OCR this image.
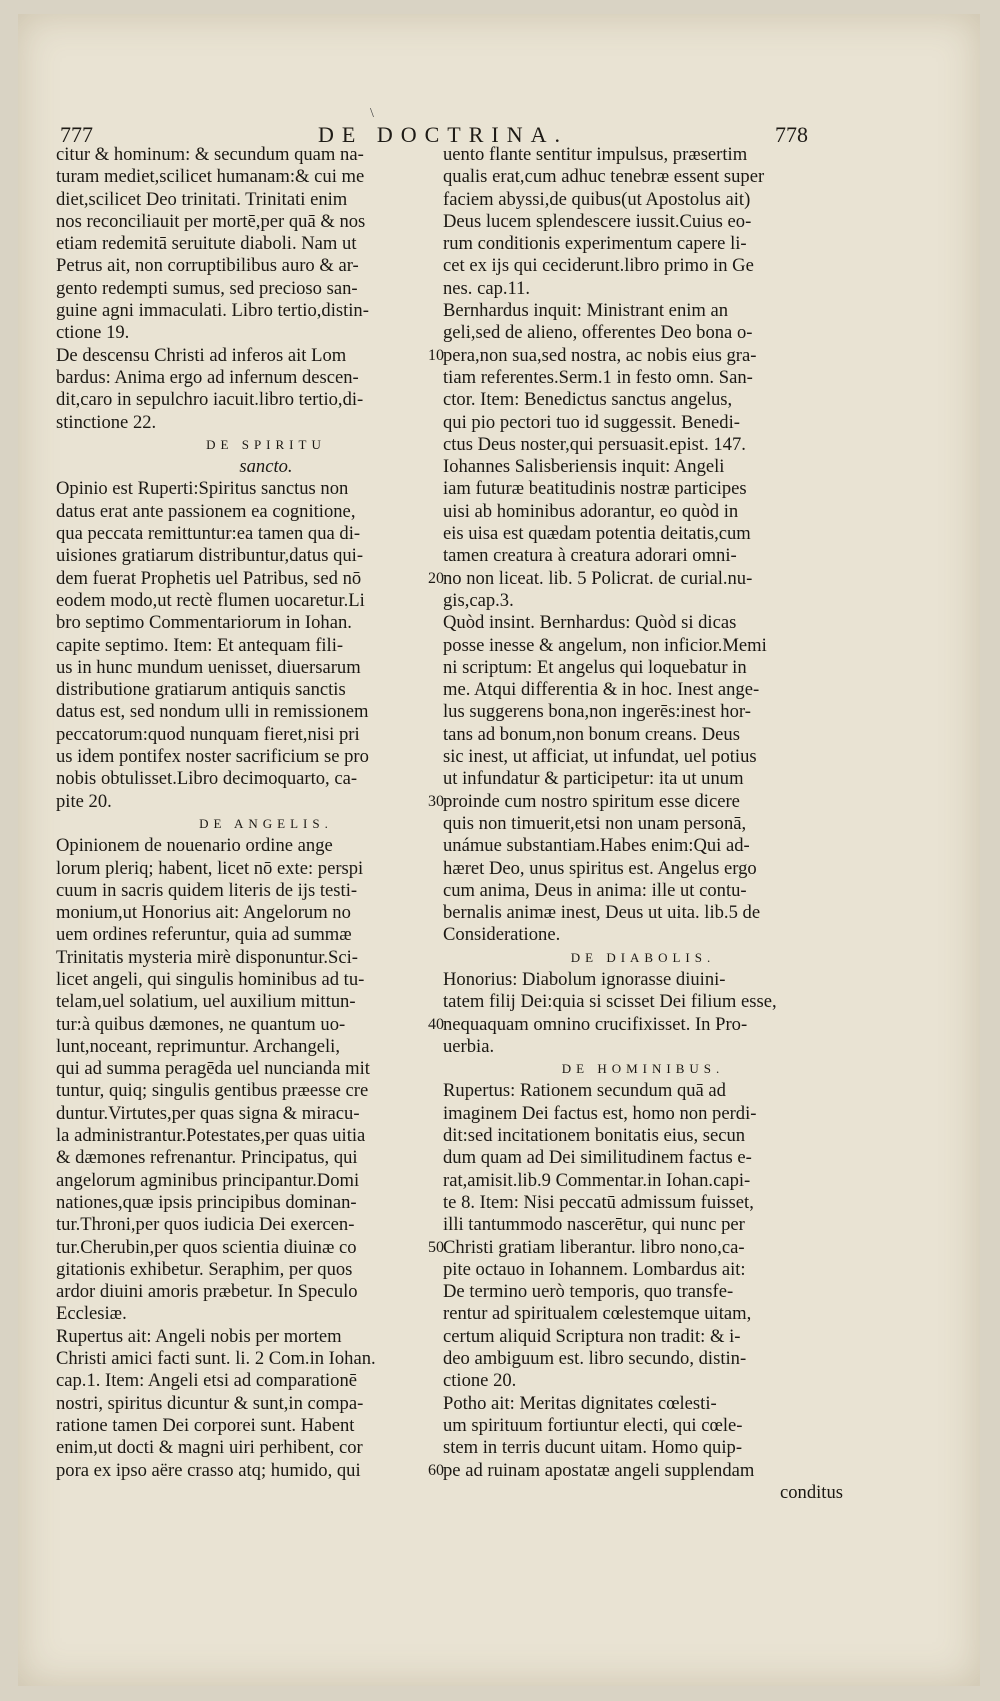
\
777	DE DOCTRINA.	778

citur & hominum: & secundum quam na-

turam mediet,scilicet humanam:& cui me

diet,scilicet Deo trinitati. Trinitati enim

nos reconciliauit per mortē,per quā & nos

etiam redemitā seruitute diaboli. Nam ut

Petrus ait, non corruptibilibus auro & ar-

gento redempti sumus, sed precioso san-

guine agni immaculati. Libro tertio,distin-

ctione 19.

De descensu Christi ad inferos ait Lom

bardus: Anima ergo ad infernum descen-

dit,caro in sepulchro iacuit.libro tertio,di-

stinctione 22.

DE SPIRITU

sancto.

Opinio est Ruperti:Spiritus sanctus non

datus erat ante passionem ea cognitione,

qua peccata remittuntur:ea tamen qua di-

uisiones gratiarum distribuntur,datus qui-

dem fuerat Prophetis uel Patribus, sed nō

eodem modo,ut rectè flumen uocaretur.Li

bro septimo Commentariorum in Iohan.

capite septimo. Item: Et antequam fili-

us in hunc mundum uenisset, diuersarum

distributione gratiarum antiquis sanctis

datus est, sed nondum ulli in remissionem

peccatorum:quod nunquam fieret,nisi pri

us idem pontifex noster sacrificium se pro

nobis obtulisset.Libro decimoquarto, ca-

pite 20.

DE ANGELIS.

Opinionem de nouenario ordine ange

lorum pleriq; habent, licet nō exte: perspi

cuum in sacris quidem literis de ijs testi-

monium,ut Honorius ait: Angelorum no

uem ordines referuntur, quia ad summæ

Trinitatis mysteria mirè disponuntur.Sci-

licet angeli, qui singulis hominibus ad tu-

telam,uel solatium, uel auxilium mittun-

tur:à quibus dæmones, ne quantum uo-

lunt,noceant, reprimuntur. Archangeli,

qui ad summa peragēda uel nuncianda mit

tuntur, quiq; singulis gentibus præesse cre

duntur.Virtutes,per quas signa & miracu-

la administrantur.Potestates,per quas uitia

& dæmones refrenantur. Principatus, qui

angelorum agminibus principantur.Domi

nationes,quæ ipsis principibus dominan-

tur.Throni,per quos iudicia Dei exercen-

tur.Cherubin,per quos scientia diuinæ co

gitationis exhibetur. Seraphim, per quos

ardor diuini amoris præbetur. In Speculo

Ecclesiæ.

Rupertus ait: Angeli nobis per mortem

Christi amici facti sunt. li. 2 Com.in Iohan.

cap.1. Item: Angeli etsi ad comparationē

nostri, spiritus dicuntur & sunt,in compa-

ratione tamen Dei corporei sunt. Habent

enim,ut docti & magni uiri perhibent, cor

pora ex ipso aëre crasso atq; humido, qui

uento flante sentitur impulsus, præsertim

qualis erat,cum adhuc tenebræ essent super

faciem abyssi,de quibus(ut Apostolus ait)

Deus lucem splendescere iussit.Cuius eo-

rum conditionis experimentum capere li-

cet ex ijs qui ceciderunt.libro primo in Ge

nes. cap.11.

Bernhardus inquit: Ministrant enim an

geli,sed de alieno, offerentes Deo bona o-

pera,non sua,sed nostra, ac nobis eius gra-

tiam referentes.Serm.1 in festo omn. San-

ctor. Item: Benedictus sanctus angelus,

qui pio pectori tuo id suggessit. Benedi-

ctus Deus noster,qui persuasit.epist. 147.

Iohannes Salisberiensis inquit: Angeli

iam futuræ beatitudinis nostræ participes

uisi ab hominibus adorantur, eo quòd in

eis uisa est quædam potentia deitatis,cum

tamen creatura à creatura adorari omni-

no non liceat. lib. 5 Policrat. de curial.nu-

gis,cap.3.

Quòd insint. Bernhardus: Quòd si dicas

posse inesse & angelum, non inficior.Memi

ni scriptum: Et angelus qui loquebatur in

me. Atqui differentia & in hoc. Inest ange-

lus suggerens bona,non ingerēs:inest hor-

tans ad bonum,non bonum creans. Deus

sic inest, ut afficiat, ut infundat, uel potius

ut infundatur & participetur: ita ut unum

proinde cum nostro spiritum esse dicere

quis non timuerit,etsi non unam personā,

unámue substantiam.Habes enim:Qui ad-

hæret Deo, unus spiritus est. Angelus ergo

cum anima, Deus in anima: ille ut contu-

bernalis animæ inest, Deus ut uita. lib.5 de

Consideratione.

DE DIABOLIS.

Honorius: Diabolum ignorasse diuini-

tatem filij Dei:quia si scisset Dei filium esse,

nequaquam omnino crucifixisset. In Pro-

uerbia.

DE HOMINIBUS.

Rupertus: Rationem secundum quā ad

imaginem Dei factus est, homo non perdi-

dit:sed incitationem bonitatis eius, secun

dum quam ad Dei similitudinem factus e-

rat,amisit.lib.9 Commentar.in Iohan.capi-

te 8. Item: Nisi peccatū admissum fuisset,

illi tantummodo nascerētur, qui nunc per

Christi gratiam liberantur. libro nono,ca-

pite octauo in Iohannem. Lombardus ait:

De termino uerò temporis, quo transfe-

rentur ad spiritualem cœlestemque uitam,

certum aliquid Scriptura non tradit: & i-

deo ambiguum est. libro secundo, distin-

ctione 20.

Potho ait: Meritas dignitates cœlesti-

um spirituum fortiuntur electi, qui cœle-

stem in terris ducunt uitam. Homo quip-

pe ad ruinam apostatæ angeli supplendam

conditus

10
20
30
40
50
60
